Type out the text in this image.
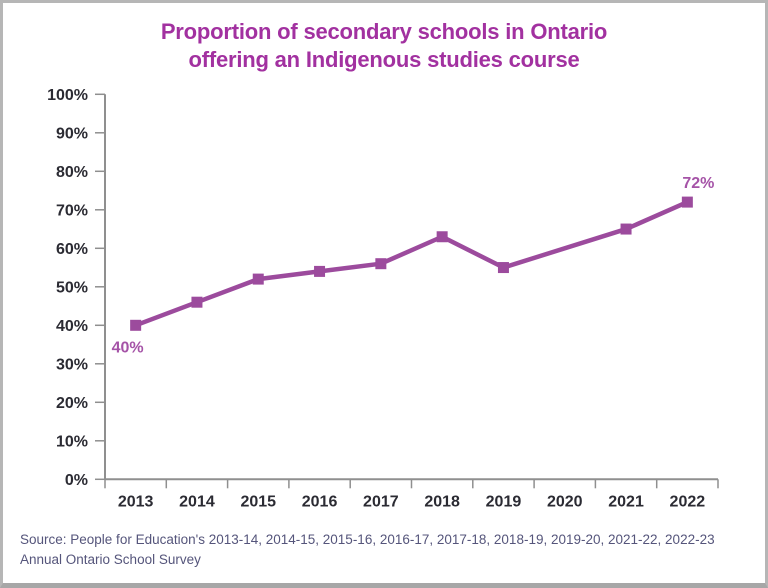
Proportion of secondary schools in Ontario
offering an Indigenous studies course
0%
10%
20%
30%
40%
50%
60%
70%
80%
90%
100%
2013 2014 2015 2016 2017 2018 2019 2020 2021 2022
40%
72%
Source: People for Education's 2013-14, 2014-15, 2015-16, 2016-17, 2017-18, 2018-19, 2019-20, 2021-22, 2022-23 Annual Ontario School Survey
